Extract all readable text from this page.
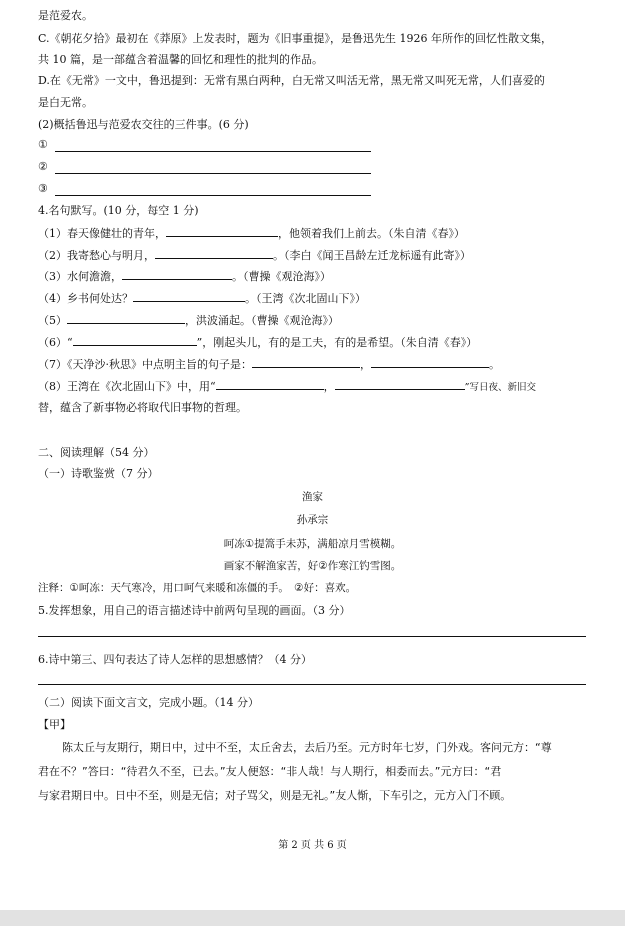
是范爱农。
C.《朝花夕拾》最初在《莽原》上发表时，题为《旧事重提》，是鲁迅先生 1926 年所作的回忆性散文集，
共 10 篇，是一部蕴含着温馨的回忆和理性的批判的作品。
D.在《无常》一文中，鲁迅提到：无常有黑白两种，白无常又叫活无常，黑无常又叫死无常，人们喜爱的
是白无常。
(2)概括鲁迅与范爱农交往的三件事。(6 分)
①
②
③
4.名句默写。(10 分，每空 1 分)
（1）春天像健壮的青年，	，他领着我们上前去。（朱自清《春》）
（2）我寄愁心与明月，	。（李白《闻王昌龄左迁龙标遥有此寄》）
（3）水何澹澹，	。（曹操《观沧海》）
（4）乡书何处达？	。（王湾《次北固山下》）
（5）	，洪波涌起。（曹操《观沧海》）
（6）“	”，刚起头儿，有的是工夫，有的是希望。（朱自清《春》）
（7）《天净沙·秋思》中点明主旨的句子是：	，	。
（8）王湾在《次北固山下》中，用“	，	”写日夜、新旧交
替，蕴含了新事物必将取代旧事物的哲理。
二、阅读理解（54 分）
（一）诗歌鉴赏（7 分）
渔家
孙承宗
呵冻①提篙手未苏，满船凉月雪模糊。
画家不解渔家苦，好②作寒江钓雪图。
注释：①呵冻：天气寒冷，用口呵气来暖和冻僵的手。　②好：喜欢。
5.发挥想象，用自己的语言描述诗中前两句呈现的画面。（3 分）
6.诗中第三、四句表达了诗人怎样的思想感情？（4 分）
（二）阅读下面文言文，完成小题。（14 分）
【甲】
陈太丘与友期行，期日中，过中不至，太丘舍去，去后乃至。元方时年七岁，门外戏。客问元方：“尊
君在不？”答曰：“待君久不至，已去。”友人便怒：“非人哉！与人期行，相委而去。”元方曰：“君
与家君期日中。日中不至，则是无信；对子骂父，则是无礼。”友人惭，下车引之，元方入门不顾。
第 2 页 共 6 页
